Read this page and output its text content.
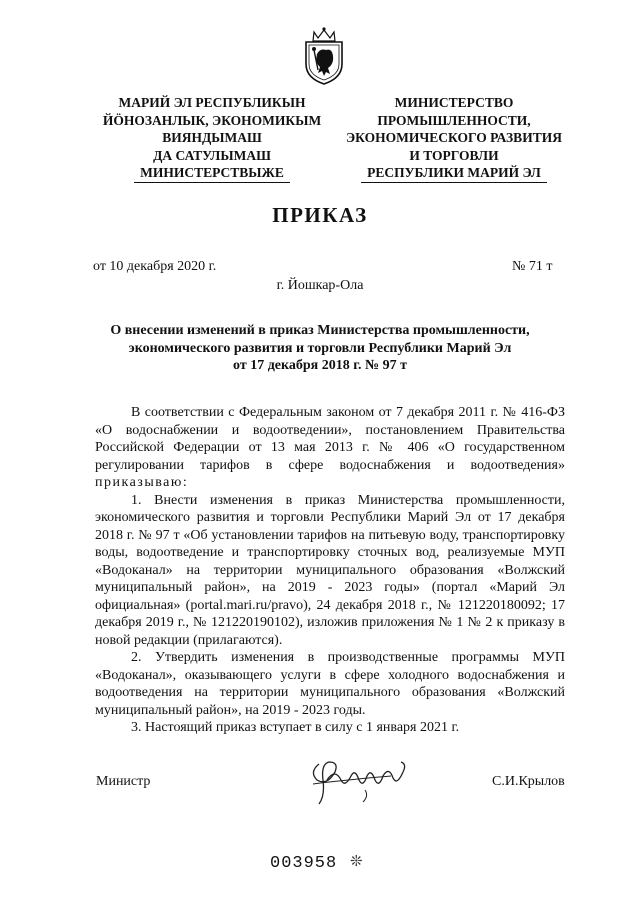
МАРИЙ ЭЛ РЕСПУБЛИКЫН
ЙӦНОЗАНЛЫК, ЭКОНОМИКЫМ
ВИЯНДЫМАШ
ДА САТУЛЫМАШ
МИНИСТЕРСТВЫЖЕ
МИНИСТЕРСТВО
ПРОМЫШЛЕННОСТИ,
ЭКОНОМИЧЕСКОГО РАЗВИТИЯ
И ТОРГОВЛИ
РЕСПУБЛИКИ МАРИЙ ЭЛ
ПРИКАЗ
от 10 декабря 2020 г.	№ 71 т
г. Йошкар-Ола
О внесении изменений в приказ Министерства промышленности,
экономического развития и торговли Республики Марий Эл
от 17 декабря 2018 г. № 97 т

В соответствии с Федеральным законом от 7 декабря 2011 г. № 416-ФЗ «О водоснабжении и водоотведении», постановлением Правительства Российской Федерации от 13 мая 2013 г. № 406 «О государственном регулировании тарифов в сфере водоснабжения и водоотведения» приказываю:

1. Внести изменения в приказ Министерства промышленности, экономического развития и торговли Республики Марий Эл от 17 декабря 2018 г. № 97 т «Об установлении тарифов на питьевую воду, транспортировку воды, водоотведение и транспортировку сточных вод, реализуемые МУП «Водоканал» на территории муниципального образования «Волжский муниципальный район», на 2019 - 2023 годы» (портал «Марий Эл официальная» (portal.mari.ru/pravo), 24 декабря 2018 г., № 121220180092; 17 декабря 2019 г., № 121220190102), изложив приложения № 1 № 2 к приказу в новой редакции (прилагаются).

2. Утвердить изменения в производственные программы МУП «Водоканал», оказывающего услуги в сфере холодного водоснабжения и водоотведения на территории муниципального образования «Волжский муниципальный район», на 2019 - 2023 годы.

3. Настоящий приказ вступает в силу с 1 января 2021 г.

Министр	С.И.Крылов
003958 ❊
